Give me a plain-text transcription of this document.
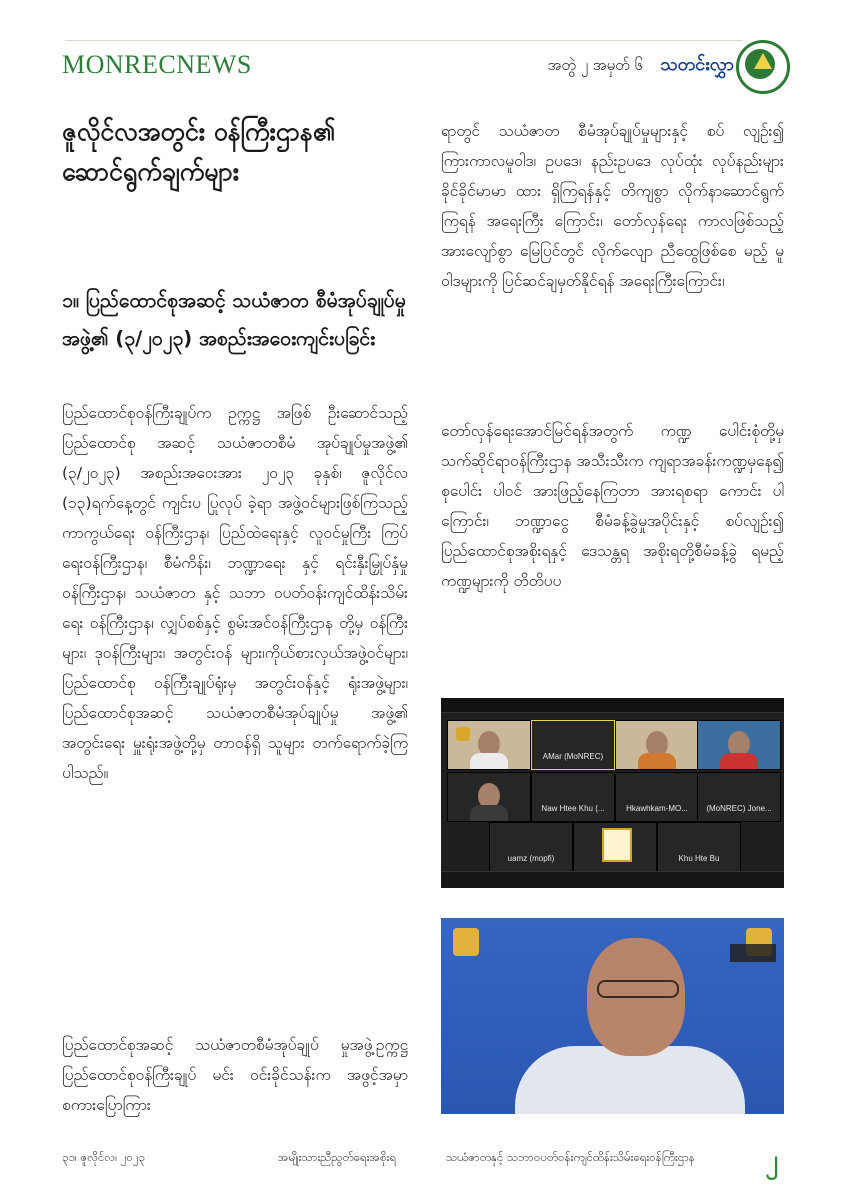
MONRECNEWS	အတွဲ ၂ အမှတ် ၆ သတင်းလွှာ
ဇူလိုင်လအတွင်း ဝန်ကြီးဌာန၏ ဆောင်ရွက်ချက်များ
၁။ ပြည်ထောင်စုအဆင့် သယံဇာတ စီမံအုပ်ချုပ်မှုအဖွဲ့၏ (၃/၂၀၂၃) အစည်းအဝေးကျင်းပခြင်း

ပြည်ထောင်စုဝန်ကြီးချုပ်က ဥက္ကဋ္ဌ အဖြစ် ဦးဆောင်သည့် ပြည်ထောင်စု အဆင့် သယံဇာတစီမံ အုပ်ချုပ်မှုအဖွဲ့၏ (၃/၂၀၂၃) အစည်းအဝေးအား ၂၀၂၃ ခုနှစ်၊ ဇူလိုင်လ (၁၃)ရက်နေ့တွင် ကျင်းပ ပြုလုပ် ခဲ့ရာ အဖွဲ့ဝင်များဖြစ်ကြသည့် ကာကွယ်ရေး ဝန်ကြီးဌာန၊ ပြည်ထဲရေးနှင့် လူဝင်မှုကြီး ကြပ်ရေးဝန်ကြီးဌာန၊ စီမံကိန်း၊ ဘဏ္ဍာရေး နှင့် ရင်းနှီးမြှုပ်နှံမှုဝန်ကြီးဌာန၊ သယံဇာတ နှင့် သဘာ ဝပတ်ဝန်းကျင်ထိန်းသိမ်းရေး ဝန်ကြီးဌာန၊ လျှပ်စစ်နှင့် စွမ်းအင်ဝန်ကြီးဌာန တို့မှ ဝန်ကြီးများ၊ ဒုဝန်ကြီးများ၊ အတွင်းဝန် များ၊ကိုယ်စားလှယ်အဖွဲ့ဝင်များ၊ပြည်ထောင်စု ဝန်ကြီးချုပ်ရုံးမှ အတွင်းဝန်နှင့် ရုံးအဖွဲ့များ၊ ပြည်ထောင်စုအဆင့် သယံဇာတစီမံအုပ်ချုပ်မှု အဖွဲ့၏ အတွင်းရေး မှူးရုံးအဖွဲ့တို့မှ တာဝန်ရှိ သူများ တက်ရောက်ခဲ့ကြပါသည်။

ပြည်ထောင်စုအဆင့် သယံဇာတစီမံအုပ်ချုပ် မှုအဖွဲ့ဥက္ကဋ္ဌ ပြည်ထောင်စုဝန်ကြီးချုပ် မင်း ဝင်းခိုင်သန်းက အဖွင့်အမှာစကားပြောကြား

ရာတွင် သယံဇာတ စီမံအုပ်ချုပ်မှုများနှင့် စပ် လျဉ်း၍ ကြားကာလမူဝါဒ၊ ဥပဒေ၊ နည်းဥပဒေ လုပ်ထုံး လုပ်နည်းများ ခိုင်ခိုင်မာမာ ထား ရှိကြရန်နှင့် တိကျစွာ လိုက်နာဆောင်ရွက် ကြရန် အရေးကြီး ကြောင်း၊ တော်လှန်ရေး ကာလဖြစ်သည့်အားလျော်စွာ မြေပြင်တွင် လိုက်လျော ညီထွေဖြစ်စေ မည့် မူဝါဒများကို ပြင်ဆင်ချမှတ်နိုင်ရန် အရေးကြီးကြောင်း၊

တော်လှန်ရေးအောင်မြင်ရန်အတွက် ကဏ္ဍ ပေါင်းစုံတို့မှ သက်ဆိုင်ရာဝန်ကြီးဌာန အသီးသီးက ကျရာအခန်းကဏ္ဍမှနေ၍ စုပေါင်း ပါဝင် အားဖြည့်နေကြတာ အားရစရာ ကောင်း ပါကြောင်း၊ ဘဏ္ဍာငွေ စီမံခန့်ခွဲမှုအပိုင်းနှင့် စပ်လျဉ်း၍ ပြည်ထောင်စုအစိုးရနှင့် ဒေသန္တရ အစိုးရတို့စီမံခန့်ခွဲ ရမည့်ကဏ္ဍများကို တိတိပပ

AMar (MoNREC)
Naw Htee Khu (...	Hkawhkam-MO...	(MoNREC) Jone...
uamz (mopfi)	Khu Hte Bu
၃၁၊ ဇူလိုင်လ၊ ၂၀၂၃	အမျိုးသားညီညွတ်ရေးအစိုးရ	သယံဇာတနှင့် သဘာဝပတ်ဝန်းကျင်ထိန်းသိမ်းရေးဝန်ကြီးဌာန	၂
